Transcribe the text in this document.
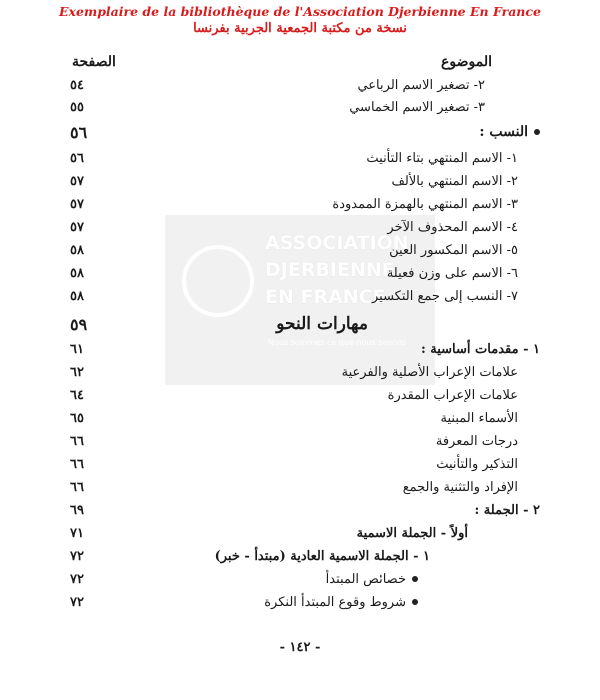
ASSOCIATION
DJERBIENNE
EN FRANCE
Nous sommes ce que nous savons
Exemplaire de la bibliothèque de l'Association Djerbienne En France
نسخة من مكتبة الجمعية الجربية بفرنسا
الموضوع
الصفحة
٢- تصغير الاسم الرباعي
٥٤
٣- تصغير الاسم الخماسي
٥٥
النسب :
٥٦
١- الاسم المنتهي بتاء التأنيث
٥٦
٢- الاسم المنتهي بالألف
٥٧
٣- الاسم المنتهي بالهمزة الممدودة
٥٧
٤- الاسم المحذوف الآخر
٥٧
٥- الاسم المكسور العين
٥٨
٦- الاسم على وزن فعيلة
٥٨
٧- النسب إلى جمع التكسير
٥٨
مهارات النحو
٥٩
١ - مقدمات أساسية :
٦١
علامات الإعراب الأصلية والفرعية
٦٢
علامات الإعراب المقدرة
٦٤
الأسماء المبنية
٦٥
درجات المعرفة
٦٦
التذكير والتأنيث
٦٦
الإفراد والتثنية والجمع
٦٦
٢ - الجملة :
٦٩
أولاً - الجملة الاسمية
٧١
١ - الجملة الاسمية العادية (مبتدأ - خبر)
٧٢
خصائص المبتدأ
٧٢
شروط وقوع المبتدأ النكرة
٧٢
- ١٤٢ -
